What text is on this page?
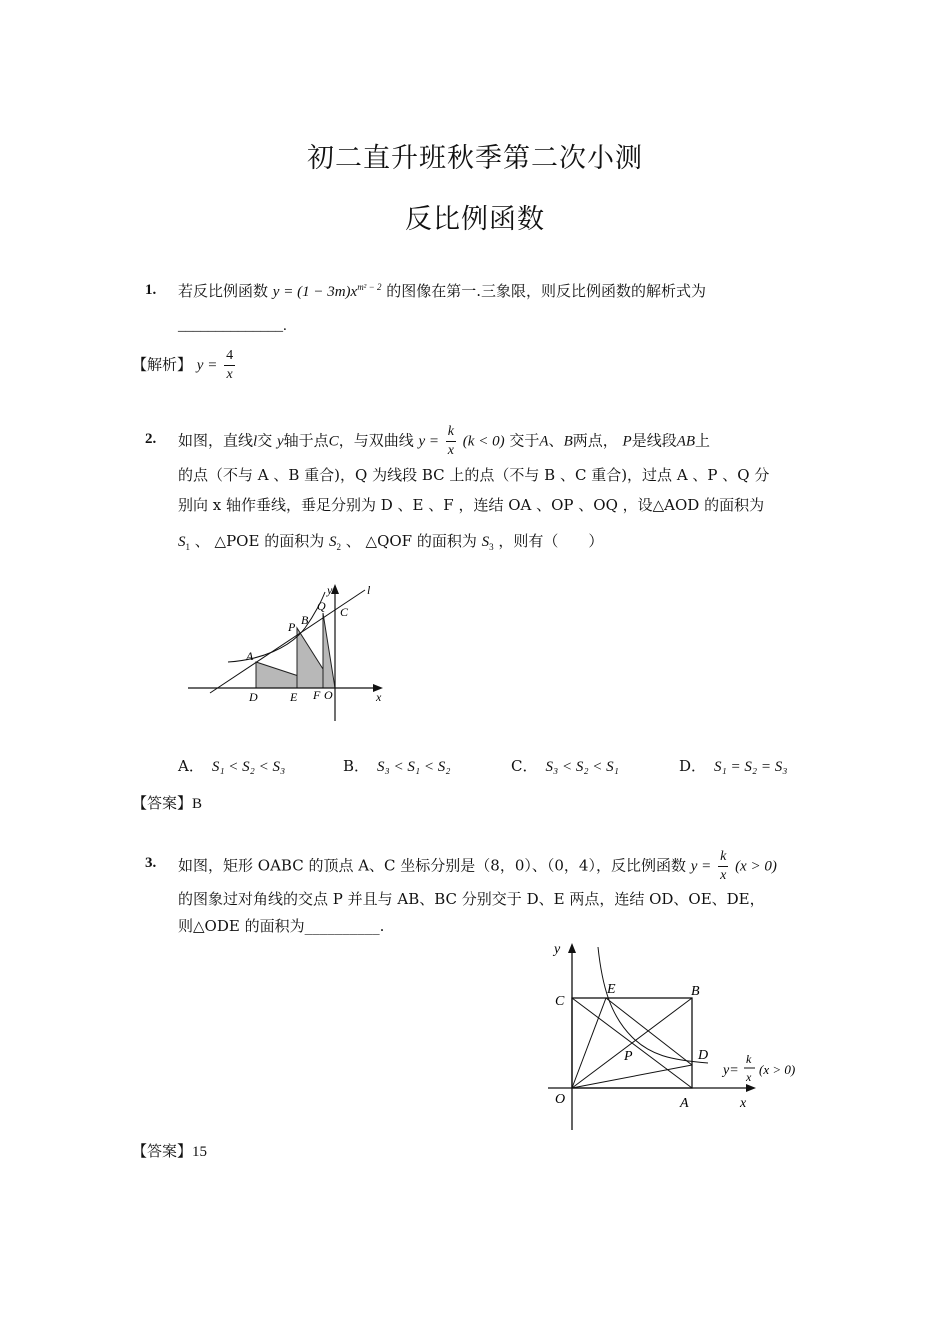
初二直升班秋季第二次小测
反比例函数
1. 若反比例函数 $y = (1 - 3m)x^{m^2 - 2}$ 的图像在第一.三象限，则反比例函数的解析式为
______________.
【解析】 $y = \frac{4}{x}$
2. 如图，直线l交 y轴于点C，与双曲线 $y = \frac{k}{x} (k < 0)$ 交于A、B两点， P是线段AB上
的点（不与 A 、B 重合)，Q 为线段 BC 上的点（不与 B 、C 重合)，过点 A 、P 、Q 分
别向 x 轴作垂线，垂足分别为 D 、E 、F ，连结 OA 、OP 、OQ ，设△AOD 的面积为
$S_1$ 、 △POE 的面积为 $S_2$ 、 △QOF 的面积为 $S_3$ ，则有（　　）
y	l
Q C
B
P
A
D	E F O	x
A． S₁ < S₂ < S₃	B． S₃ < S₁ < S₂	C． S₃ < S₂ < S₁	D． S₁ = S₂ = S₃
【答案】B
3. 如图，矩形 OABC 的顶点 A、C 坐标分别是（8，0）、（0，4），反比例函数 $y = \frac{k}{x} (x > 0)$
的图象过对角线的交点 P 并且与 AB、BC 分别交于 D、E 两点，连结 OD、OE、DE，
则△ODE 的面积为__________.
y
C
E	B
P	D
O	A	x
y=
k
x (x > 0)
【答案】15
